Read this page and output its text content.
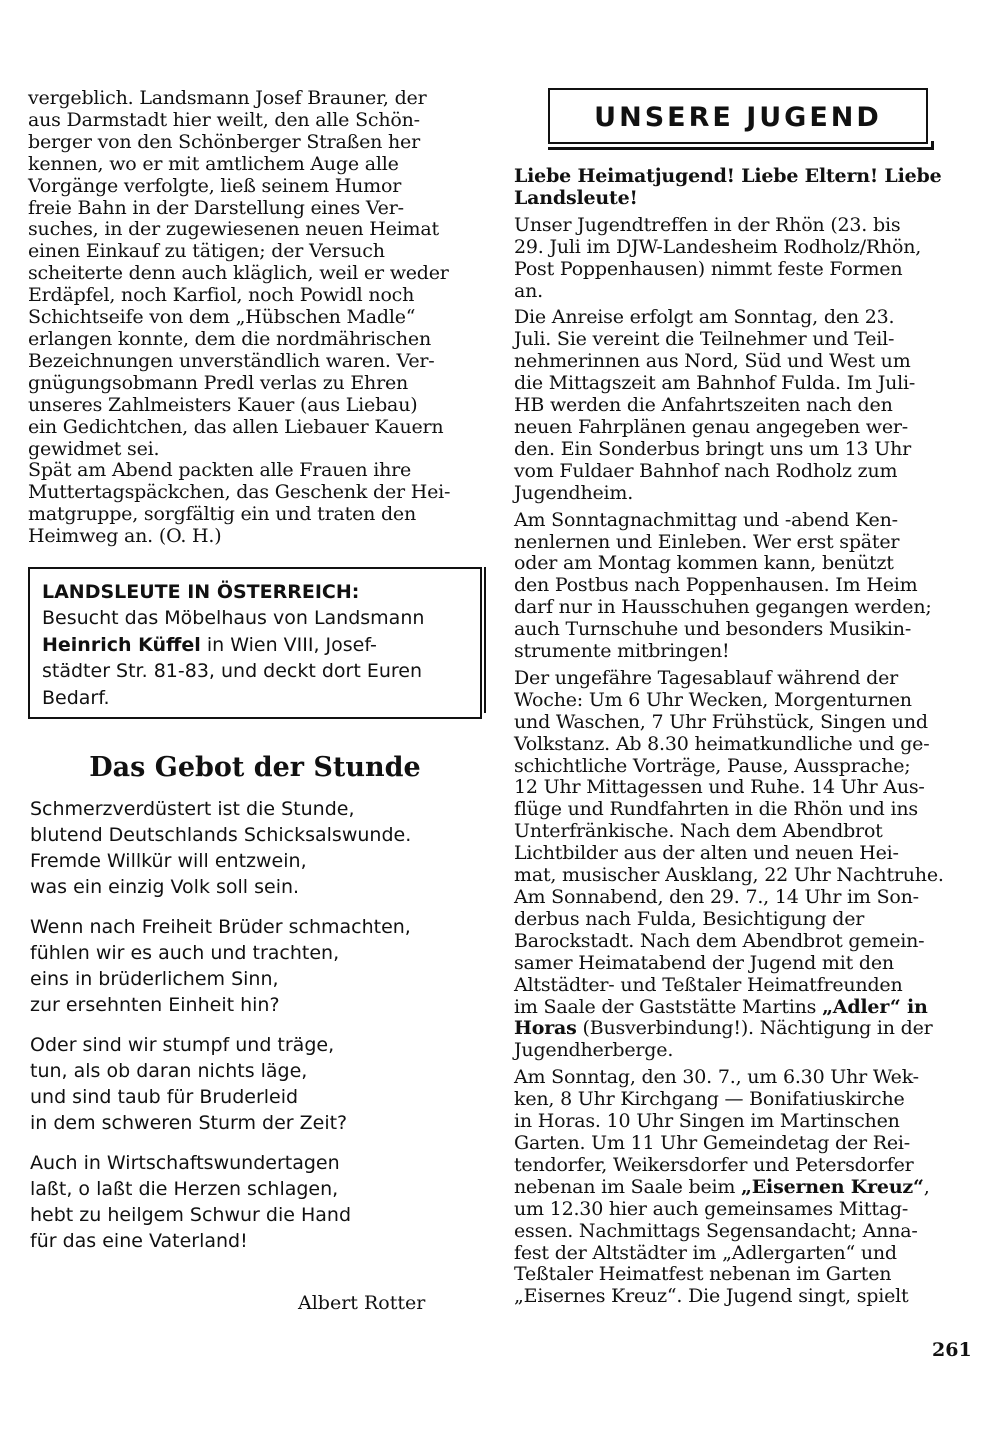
vergeblich. Landsmann Josef Brauner, der
aus Darmstadt hier weilt, den alle Schön-
berger von den Schönberger Straßen her
kennen, wo er mit amtlichem Auge alle
Vorgänge verfolgte, ließ seinem Humor
freie Bahn in der Darstellung eines Ver-
suches, in der zugewiesenen neuen Heimat
einen Einkauf zu tätigen; der Versuch
scheiterte denn auch kläglich, weil er weder
Erdäpfel, noch Karfiol, noch Powidl noch
Schichtseife von dem „Hübschen Madle“
erlangen konnte, dem die nordmährischen
Bezeichnungen unverständlich waren. Ver-
gnügungsobmann Predl verlas zu Ehren
unseres Zahlmeisters Kauer (aus Liebau)
ein Gedichtchen, das allen Liebauer Kauern
gewidmet sei.
Spät am Abend packten alle Frauen ihre
Muttertagspäckchen, das Geschenk der Hei-
matgruppe, sorgfältig ein und traten den
Heimweg an. (O. H.)
LANDSLEUTE IN ÖSTERREICH:
Besucht das Möbelhaus von Landsmann
Heinrich Küffel in Wien VIII, Josef-
städter Str. 81-83, und deckt dort Euren
Bedarf.
Das Gebot der Stunde
Schmerzverdüstert ist die Stunde,
blutend Deutschlands Schicksalswunde.
Fremde Willkür will entzwein,
was ein einzig Volk soll sein.
Wenn nach Freiheit Brüder schmachten,
fühlen wir es auch und trachten,
eins in brüderlichem Sinn,
zur ersehnten Einheit hin?
Oder sind wir stumpf und träge,
tun, als ob daran nichts läge,
und sind taub für Bruderleid
in dem schweren Sturm der Zeit?
Auch in Wirtschaftswundertagen
laßt, o laßt die Herzen schlagen,
hebt zu heilgem Schwur die Hand
für das eine Vaterland!
Albert Rotter
UNSERE JUGEND
Liebe Heimatjugend! Liebe Eltern! Liebe
Landsleute!
Unser Jugendtreffen in der Rhön (23. bis
29. Juli im DJW-Landesheim Rodholz/Rhön,
Post Poppenhausen) nimmt feste Formen
an.
Die Anreise erfolgt am Sonntag, den 23.
Juli. Sie vereint die Teilnehmer und Teil-
nehmerinnen aus Nord, Süd und West um
die Mittagszeit am Bahnhof Fulda. Im Juli-
HB werden die Anfahrtszeiten nach den
neuen Fahrplänen genau angegeben wer-
den. Ein Sonderbus bringt uns um 13 Uhr
vom Fuldaer Bahnhof nach Rodholz zum
Jugendheim.
Am Sonntagnachmittag und -abend Ken-
nenlernen und Einleben. Wer erst später
oder am Montag kommen kann, benützt
den Postbus nach Poppenhausen. Im Heim
darf nur in Hausschuhen gegangen werden;
auch Turnschuhe und besonders Musikin-
strumente mitbringen!
Der ungefähre Tagesablauf während der
Woche: Um 6 Uhr Wecken, Morgenturnen
und Waschen, 7 Uhr Frühstück, Singen und
Volkstanz. Ab 8.30 heimatkundliche und ge-
schichtliche Vorträge, Pause, Aussprache;
12 Uhr Mittagessen und Ruhe. 14 Uhr Aus-
flüge und Rundfahrten in die Rhön und ins
Unterfränkische. Nach dem Abendbrot
Lichtbilder aus der alten und neuen Hei-
mat, musischer Ausklang, 22 Uhr Nachtruhe.
Am Sonnabend, den 29. 7., 14 Uhr im Son-
derbus nach Fulda, Besichtigung der
Barockstadt. Nach dem Abendbrot gemein-
samer Heimatabend der Jugend mit den
Altstädter- und Teßtaler Heimatfreunden
im Saale der Gaststätte Martins „Adler“ in
Horas (Busverbindung!). Nächtigung in der
Jugendherberge.
Am Sonntag, den 30. 7., um 6.30 Uhr Wek-
ken, 8 Uhr Kirchgang — Bonifatiuskirche
in Horas. 10 Uhr Singen im Martinschen
Garten. Um 11 Uhr Gemeindetag der Rei-
tendorfer, Weikersdorfer und Petersdorfer
nebenan im Saale beim „Eisernen Kreuz“,
um 12.30 hier auch gemeinsames Mittag-
essen. Nachmittags Segensandacht; Anna-
fest der Altstädter im „Adlergarten“ und
Teßtaler Heimatfest nebenan im Garten
„Eisernes Kreuz“. Die Jugend singt, spielt
261
